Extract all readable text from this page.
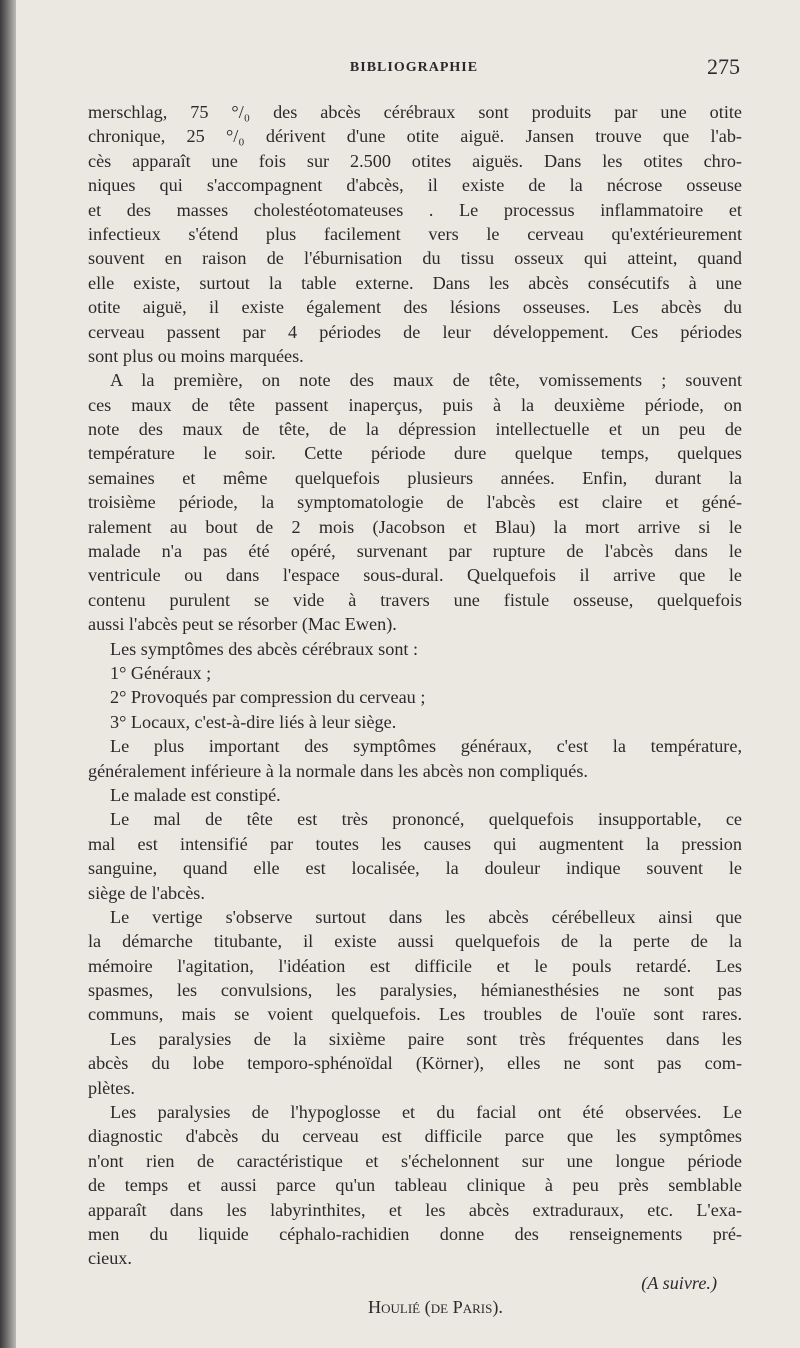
BIBLIOGRAPHIE	275
merschlag, 75 °/₀ des abcès cérébraux sont produits par une otite
chronique, 25 °/₀ dérivent d'une otite aiguë. Jansen trouve que l'ab-
cès apparaît une fois sur 2.500 otites aiguës. Dans les otites chro-
niques qui s'accompagnent d'abcès, il existe de la nécrose osseuse
et des masses cholestéotomateuses . Le processus inflammatoire et
infectieux s'étend plus facilement vers le cerveau qu'extérieurement
souvent en raison de l'éburnisation du tissu osseux qui atteint, quand
elle existe, surtout la table externe. Dans les abcès consécutifs à une
otite aiguë, il existe également des lésions osseuses. Les abcès du
cerveau passent par 4 périodes de leur développement. Ces périodes
sont plus ou moins marquées.
A la première, on note des maux de tête, vomissements ; souvent
ces maux de tête passent inaperçus, puis à la deuxième période, on
note des maux de tête, de la dépression intellectuelle et un peu de
température le soir. Cette période dure quelque temps, quelques
semaines et même quelquefois plusieurs années. Enfin, durant la
troisième période, la symptomatologie de l'abcès est claire et géné-
ralement au bout de 2 mois (Jacobson et Blau) la mort arrive si le
malade n'a pas été opéré, survenant par rupture de l'abcès dans le
ventricule ou dans l'espace sous-dural. Quelquefois il arrive que le
contenu purulent se vide à travers une fistule osseuse, quelquefois
aussi l'abcès peut se résorber (Mac Ewen).
Les symptômes des abcès cérébraux sont :
1° Généraux ;
2° Provoqués par compression du cerveau ;
3° Locaux, c'est-à-dire liés à leur siège.
Le plus important des symptômes généraux, c'est la température,
généralement inférieure à la normale dans les abcès non compliqués.
Le malade est constipé.
Le mal de tête est très prononcé, quelquefois insupportable, ce
mal est intensifié par toutes les causes qui augmentent la pression
sanguine, quand elle est localisée, la douleur indique souvent le
siège de l'abcès.
Le vertige s'observe surtout dans les abcès cérébelleux ainsi que
la démarche titubante, il existe aussi quelquefois de la perte de la
mémoire l'agitation, l'idéation est difficile et le pouls retardé. Les
spasmes, les convulsions, les paralysies, hémianesthésies ne sont pas
communs, mais se voient quelquefois. Les troubles de l'ouïe sont rares.
Les paralysies de la sixième paire sont très fréquentes dans les
abcès du lobe temporo-sphénoïdal (Körner), elles ne sont pas com-
plètes.
Les paralysies de l'hypoglosse et du facial ont été observées. Le
diagnostic d'abcès du cerveau est difficile parce que les symptômes
n'ont rien de caractéristique et s'échelonnent sur une longue période
de temps et aussi parce qu'un tableau clinique à peu près semblable
apparaît dans les labyrinthites, et les abcès extraduraux, etc. L'exa-
men du liquide céphalo-rachidien donne des renseignements pré-
cieux.
(A suivre.)
Houlié (de Paris).
